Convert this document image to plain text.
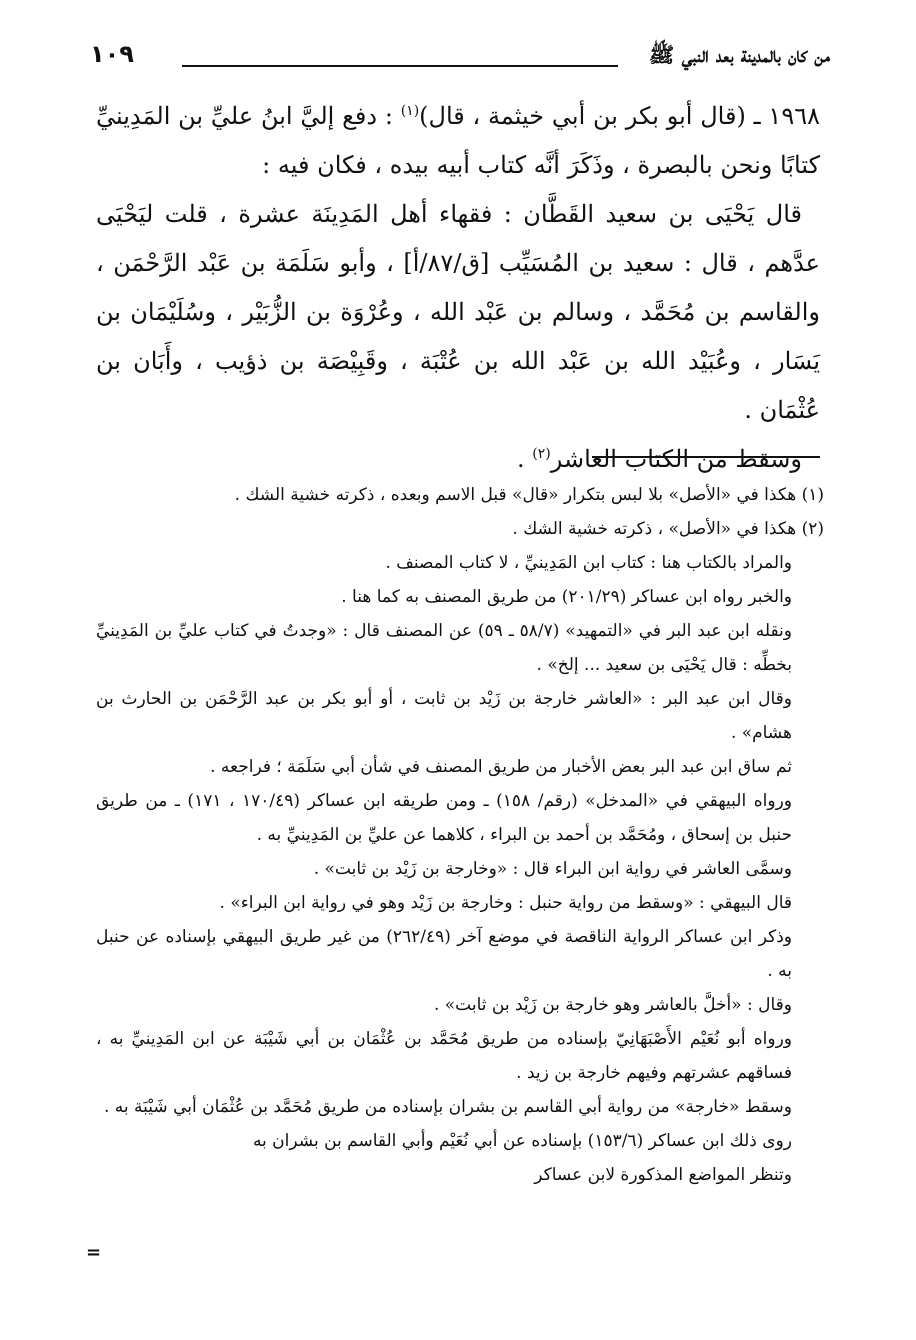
١٠٩	من كان بالمدينة بعد النبي ﷺ

١٩٦٨ ـ (قال أبو بكر بن أبي خيثمة ، قال)$^{(١)}$ : دفع إليَّ ابنُ عليِّ بن المَدِينيِّ كتابًا ونحن بالبصرة ، وذَكَرَ أنَّه كتاب أبيه بيده ، فكان فيه :

قال يَحْيَى بن سعيد القَطَّان : فقهاء أهل المَدِينَة عشرة ، قلت ليَحْيَى عدَّهم ، قال : سعيد بن المُسَيِّب [ق/٨٧/أ] ، وأبو سَلَمَة بن عَبْد الرَّحْمَن ، والقاسم بن مُحَمَّد ، وسالم بن عَبْد الله ، وعُرْوَة بن الزُّبَيْر ، وسُلَيْمَان بن يَسَار ، وعُبَيْد الله بن عَبْد الله بن عُتْبَة ، وقَبِيْصَة بن ذؤيب ، وأَبَان بن عُثْمَان .

وسقط من الكتاب العاشر$^{(٢)}$ .

(١) هكذا في «الأصل» بلا لبس بتكرار «قال» قبل الاسم وبعده ، ذكرته خشية الشك .

(٢) هكذا في «الأصل» ، ذكرته خشية الشك .

والمراد بالكتاب هنا : كتاب ابن المَدِينيِّ ، لا كتاب المصنف .

والخبر رواه ابن عساكر (٢٠١/٢٩) من طريق المصنف به كما هنا .

ونقله ابن عبد البر في «التمهيد» (٥٨/٧ ـ ٥٩) عن المصنف قال : «وجدتُ في كتاب عليِّ بن المَدِينيِّ بخطِّه : قال يَحْيَى بن سعيد ... إلخ» .

وقال ابن عبد البر : «العاشر خارجة بن زَيْد بن ثابت ، أو أبو بكر بن عبد الرَّحْمَن بن الحارث بن هشام» .

ثم ساق ابن عبد البر بعض الأخبار من طريق المصنف في شأن أبي سَلَمَة ؛ فراجعه .

ورواه البيهقي في «المدخل» (رقم/ ١٥٨) ـ ومن طريقه ابن عساكر (١٧٠/٤٩ ، ١٧١) ـ من طريق حنبل بن إسحاق ، ومُحَمَّد بن أحمد بن البراء ، كلاهما عن عليِّ بن المَدِينيِّ به .

وسمَّى العاشر في رواية ابن البراء قال : «وخارجة بن زَيْد بن ثابت» .

قال البيهقي : «وسقط من رواية حنبل : وخارجة بن زَيْد وهو في رواية ابن البراء» .

وذكر ابن عساكر الرواية الناقصة في موضع آخر (٢٦٢/٤٩) من غير طريق البيهقي بإسناده عن حنبل به .

وقال : «أخلَّ بالعاشر وهو خارجة بن زَيْد بن ثابت» .

ورواه أبو نُعَيْم الأَصْبَهَانِيّ بإسناده من طريق مُحَمَّد بن عُثْمَان بن أبي شَيْبَة عن ابن المَدِينيِّ به ، فساقهم عشرتهم وفيهم خارجة بن زيد .

وسقط «خارجة» من رواية أبي القاسم بن بشران بإسناده من طريق مُحَمَّد بن عُثْمَان أبي شَيْبَة به .

روى ذلك ابن عساكر (١٥٣/٦) بإسناده عن أبي نُعَيْم وأبي القاسم بن بشران به

وتنظر المواضع المذكورة لابن عساكر

=
